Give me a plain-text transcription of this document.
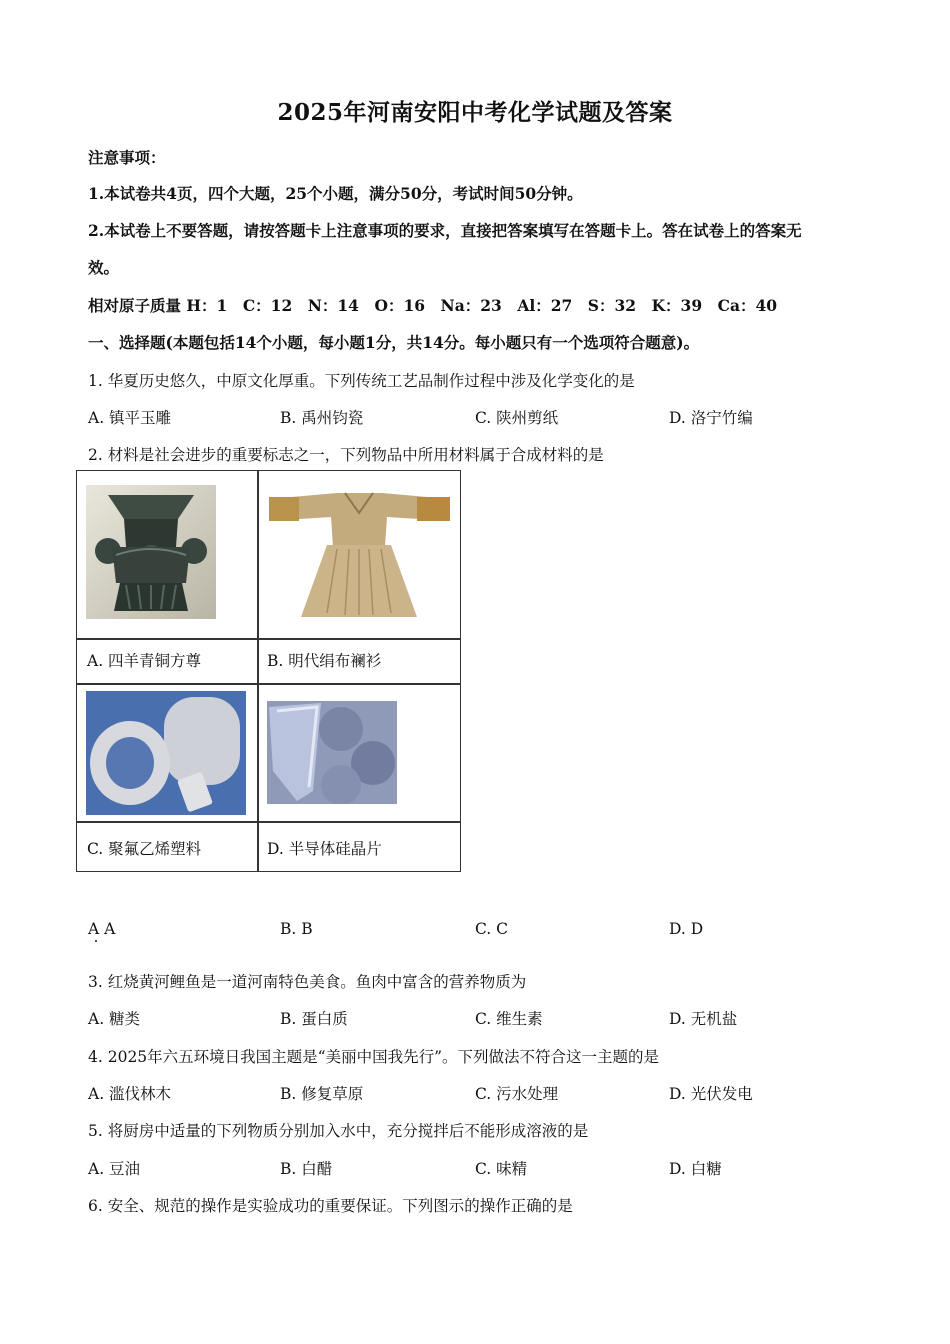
2025年河南安阳中考化学试题及答案
注意事项：
1.本试卷共4页，四个大题，25个小题，满分50分，考试时间50分钟。
2.本试卷上不要答题，请按答题卡上注意事项的要求，直接把答案填写在答题卡上。答在试卷上的答案无
效。
相对原子质量 H：1　C：12　N：14　O：16　Na：23　Al：27　S：32　K：39　Ca：40
一、选择题(本题包括14个小题，每小题1分，共14分。每小题只有一个选项符合题意)。
1. 华夏历史悠久，中原文化厚重。下列传统工艺品制作过程中涉及化学变化的是
A. 镇平玉雕	B. 禹州钧瓷	C. 陕州剪纸	D. 洛宁竹编
2. 材料是社会进步的重要标志之一，下列物品中所用材料属于合成材料的是
A. 四羊青铜方尊	B. 明代绢布襕衫
C. 聚氟乙烯塑料	D. 半导体硅晶片
A A	B. B	C. C	D. D
3. 红烧黄河鲤鱼是一道河南特色美食。鱼肉中富含的营养物质为
A. 糖类	B. 蛋白质	C. 维生素	D. 无机盐
4. 2025年六五环境日我国主题是“美丽中国我先行”。下列做法不符合这一主题的是
A. 滥伐林木	B. 修复草原	C. 污水处理	D. 光伏发电
5. 将厨房中适量的下列物质分别加入水中，充分搅拌后不能形成溶液的是
A. 豆油	B. 白醋	C. 味精	D. 白糖
6. 安全、规范的操作是实验成功的重要保证。下列图示的操作正确的是
